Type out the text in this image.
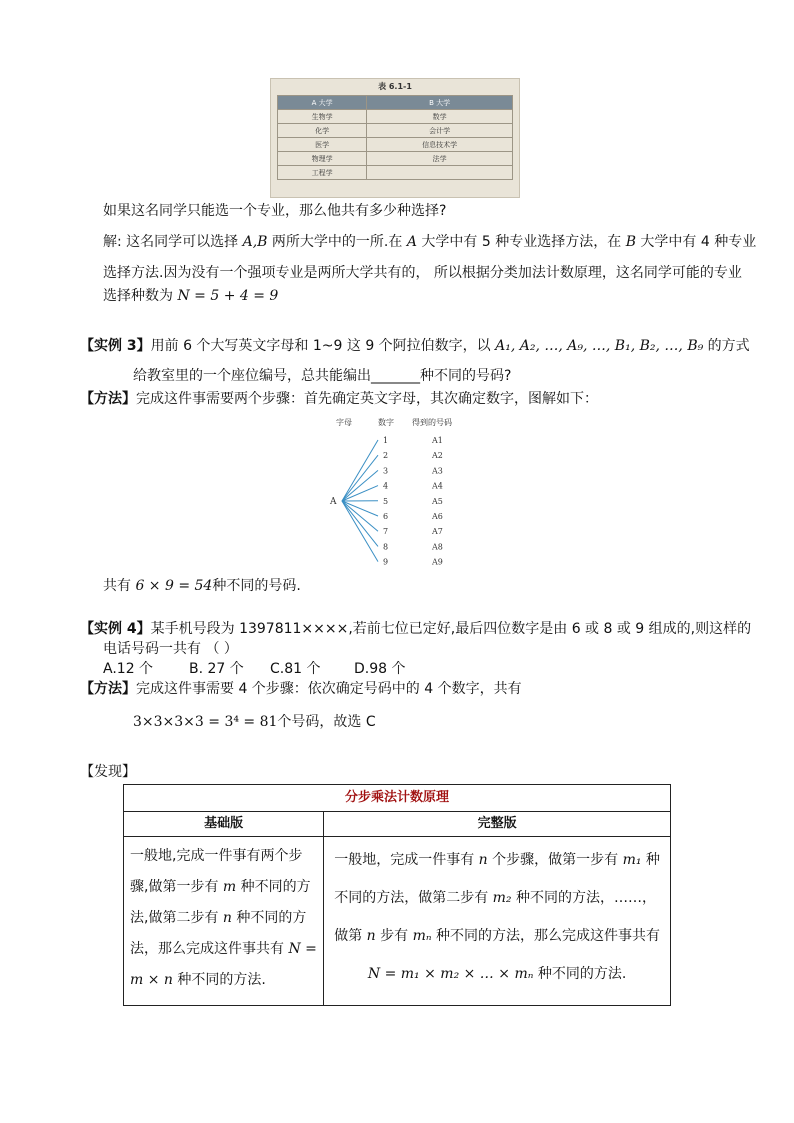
表 6.1-1
A 大学	B 大学
生物学	数学
化学	会计学
医学	信息技术学
物理学	法学
工程学	
如果这名同学只能选一个专业，那么他共有多少种选择?
解: 这名同学可以选择 A,B 两所大学中的一所.在 A 大学中有 5 种专业选择方法，在 B 大学中有 4 种专业
选择方法.因为没有一个强项专业是两所大学共有的， 所以根据分类加法计数原理，这名同学可能的专业
选择种数为 N = 5 + 4 = 9
【实例 3】用前 6 个大写英文字母和 1~9 这 9 个阿拉伯数字，以 A₁, A₂, …, A₉, …, B₁, B₂, …, B₉ 的方式
给教室里的一个座位编号，总共能编出_______种不同的号码?
【方法】完成这件事需要两个步骤：首先确定英文字母，其次确定数字，图解如下：
字母	数字 得到的号码
A
1	A1
2	A2
3	A3
4	A4
5	A5
6	A6
7	A7
8	A8
9	A9
共有 6 × 9 = 54种不同的号码.
【实例 4】某手机号段为 1397811××××,若前七位已定好,最后四位数字是由 6 或 8 或 9 组成的,则这样的
电话号码一共有 （ ）
A.12 个	B. 27 个 C.81 个 D.98 个
【方法】完成这件事需要 4 个步骤：依次确定号码中的 4 个数字，共有
3×3×3×3 = 3⁴ = 81个号码，故选 C
【发现】
分步乘法计数原理	
基础版	完整版
一般地,完成一件事有两个步骤,做第一步有 m 种不同的方法,做第二步有 n 种不同的方法，那么完成这件事共有 N = m × n 种不同的方法.	一般地，完成一件事有 n 个步骤，做第一步有 m₁ 种
不同的方法，做第二步有 m₂ 种不同的方法，……，
做第 n 步有 mₙ 种不同的方法，那么完成这件事共有
N = m₁ × m₂ × … × mₙ 种不同的方法.
